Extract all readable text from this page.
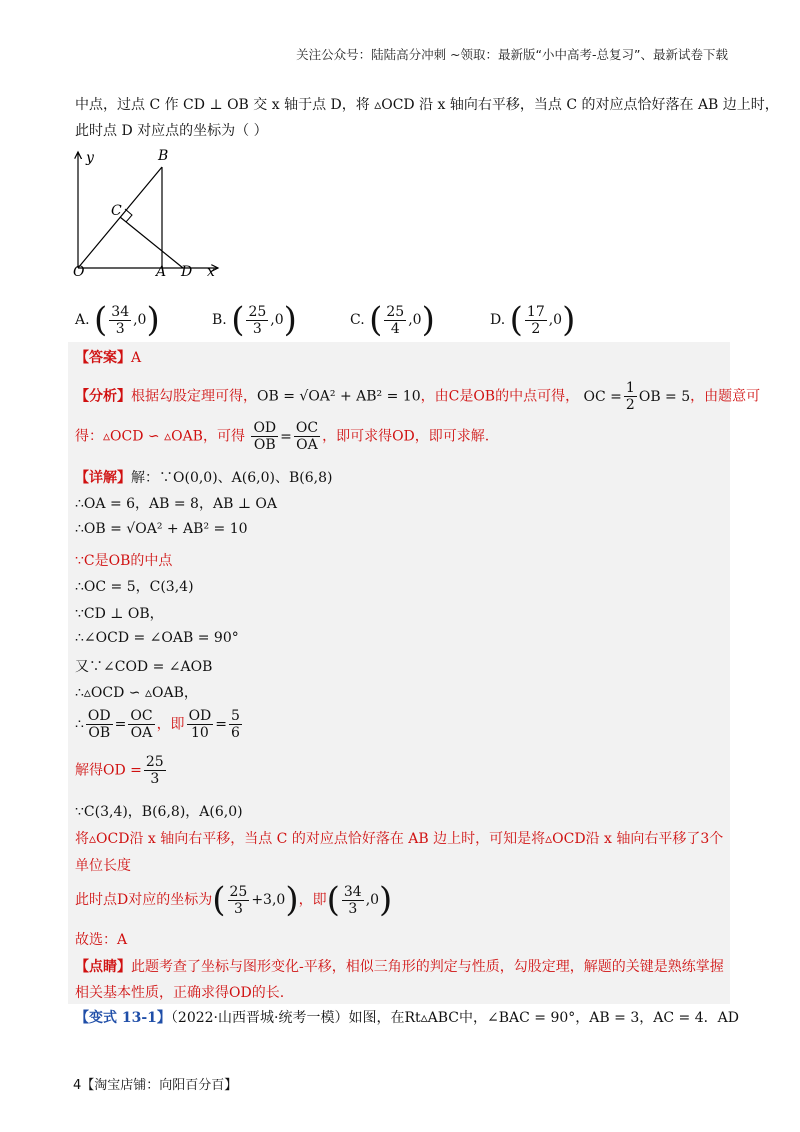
关注公众号：陆陆高分冲刺 ~领取：最新版“小中高考-总复习”、最新试卷下载
中点，过点 C 作 CD ⊥ OB 交 x 轴于点 D，将 ▵OCD 沿 x 轴向右平移，当点 C 的对应点恰好落在 AB 边上时，
此时点 D 对应点的坐标为（ ）
y	B
C
O	A D x
A. ( $\frac{34}{3} ,0$)	B. ( $\frac{25}{3} ,0$)	C. ( $\frac{25}{4} ,0$)	D. ( $\frac{17}{2} ,0$)
【答案】A
【分析】根据勾股定理可得，OB = √OA² + AB² = 10，由C是OB的中点可得， OC = $\frac{1}{2}$ OB = 5，由题意可
得：▵OCD ∽ ▵OAB，可得 $\frac{OD}{OB} = \frac{OC}{OA}$ ，即可求得OD，即可求解.
【详解】解：∵O(0,0)、A(6,0)、B(6,8)
∴OA = 6，AB = 8，AB ⊥ OA
∴OB = √OA² + AB² = 10
∵C是OB的中点
∴OC = 5，C(3,4)
∵CD ⊥ OB，
∴∠OCD = ∠OAB = 90°
又∵∠COD = ∠AOB
∴▵OCD ∽ ▵OAB，
∴ $\frac{OD}{OB} = \frac{OC}{OA}$ ，即 $\frac{OD}{10} = \frac{5}{6}$
解得OD = $\frac{25}{3}$
∵C(3,4)，B(6,8)，A(6,0)
将▵OCD沿 x 轴向右平移，当点 C 的对应点恰好落在 AB 边上时，可知是将▵OCD沿 x 轴向右平移了3个
单位长度
此时点D对应的坐标为( $\frac{25}{3} +3,0$)，即( $\frac{34}{3} ,0$)
故选：A
【点睛】此题考查了坐标与图形变化-平移，相似三角形的判定与性质，勾股定理，解题的关键是熟练掌握
相关基本性质，正确求得OD的长.
【变式 13-1】（2022·山西晋城·统考一模）如图，在Rt▵ABC中，∠BAC = 90°，AB = 3，AC = 4．AD
4【淘宝店铺：向阳百分百】
